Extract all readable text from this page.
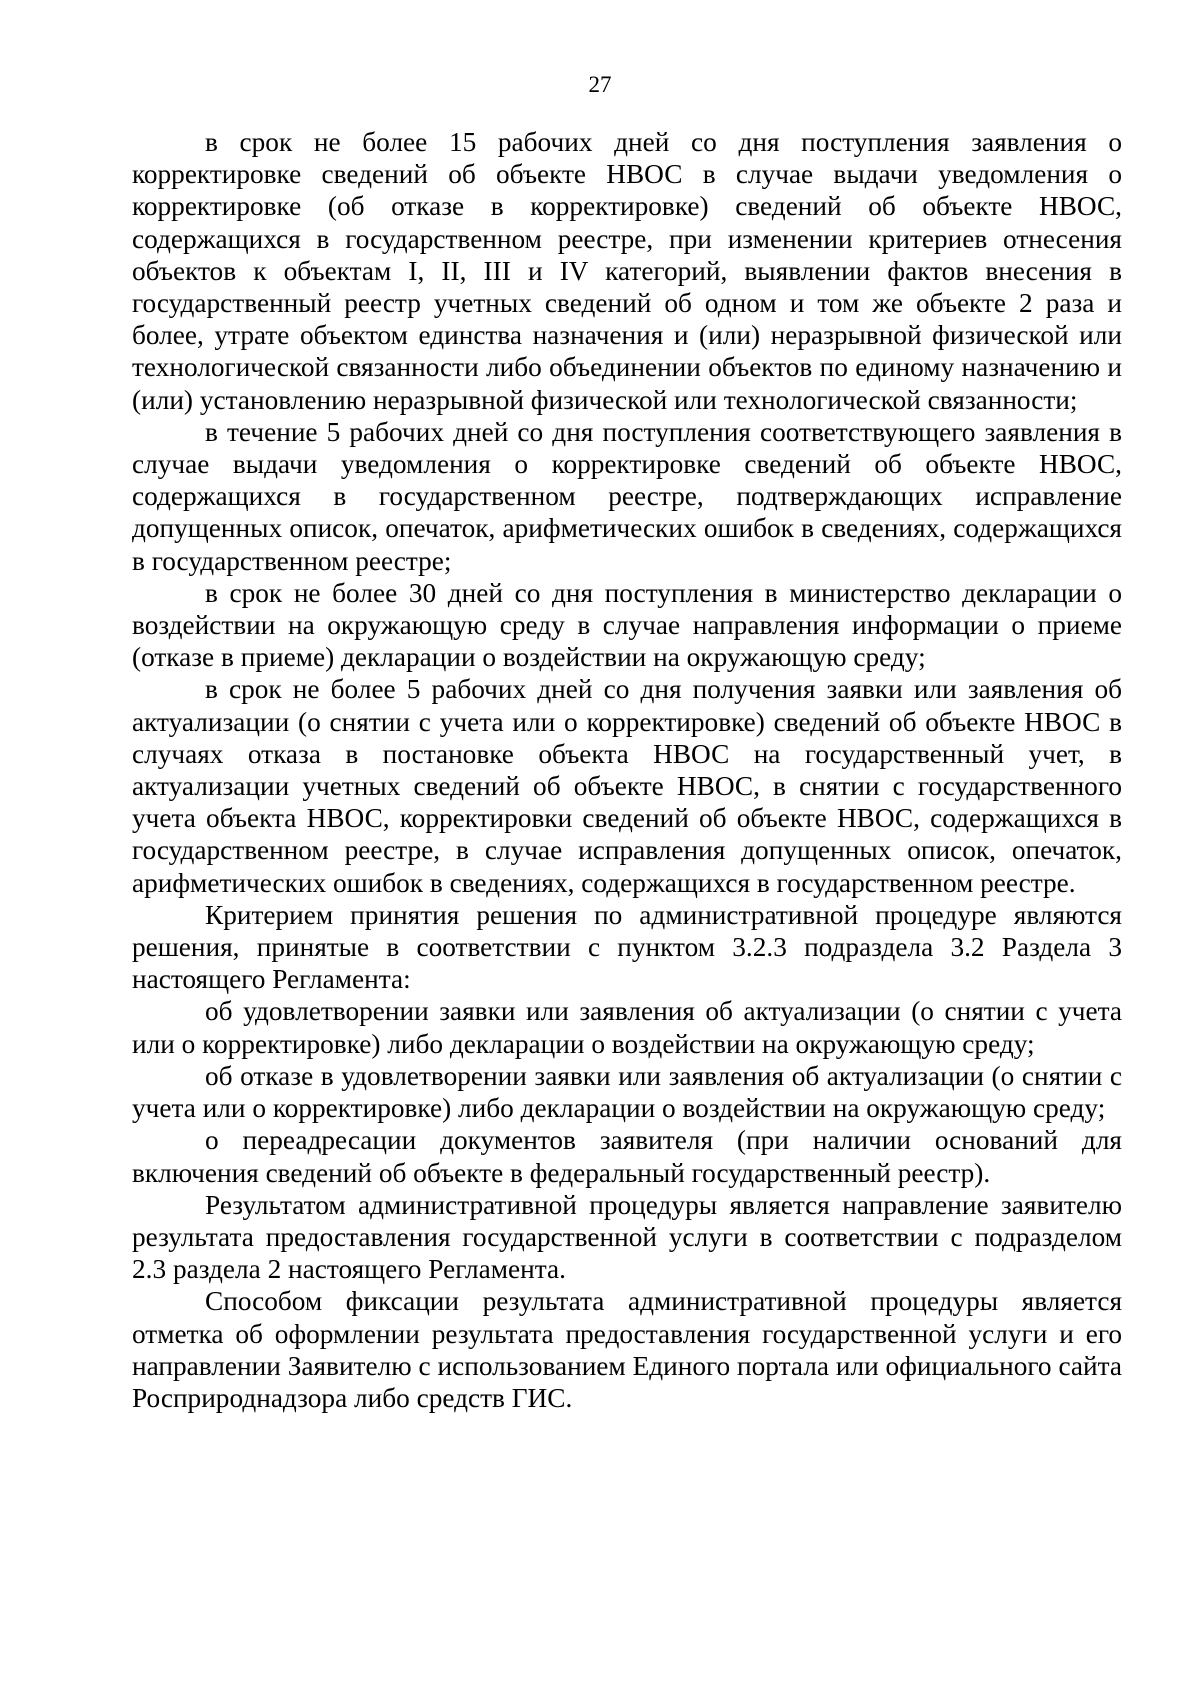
27

в срок не более 15 рабочих дней со дня поступления заявления о корректировке сведений об объекте НВОС в случае выдачи уведомления о корректировке (об отказе в корректировке) сведений об объекте НВОС, содержащихся в государственном реестре, при изменении критериев отнесения объектов к объектам I, II, III и IV категорий, выявлении фактов внесения в государственный реестр учетных сведений об одном и том же объекте 2 раза и более, утрате объектом единства назначения и (или) неразрывной физической или технологической связанности либо объединении объектов по единому назначению и (или) установлению неразрывной физической или технологической связанности;

в течение 5 рабочих дней со дня поступления соответствующего заявления в случае выдачи уведомления о корректировке сведений об объекте НВОС, содержащихся в государственном реестре, подтверждающих исправление допущенных описок, опечаток, арифметических ошибок в сведениях, содержащихся в государственном реестре;

в срок не более 30 дней со дня поступления в министерство декларации о воздействии на окружающую среду в случае направления информации о приеме (отказе в приеме) декларации о воздействии на окружающую среду;

в срок не более 5 рабочих дней со дня получения заявки или заявления об актуализации (о снятии с учета или о корректировке) сведений об объекте НВОС в случаях отказа в постановке объекта НВОС на государственный учет, в актуализации учетных сведений об объекте НВОС, в снятии с государственного учета объекта НВОС, корректировки сведений об объекте НВОС, содержащихся в государственном реестре, в случае исправления допущенных описок, опечаток, арифметических ошибок в сведениях, содержащихся в государственном реестре.

Критерием принятия решения по административной процедуре являются решения, принятые в соответствии с пунктом 3.2.3 подраздела 3.2 Раздела 3 настоящего Регламента:

об удовлетворении заявки или заявления об актуализации (о снятии с учета или о корректировке) либо декларации о воздействии на окружающую среду;

об отказе в удовлетворении заявки или заявления об актуализации (о снятии с учета или о корректировке) либо декларации о воздействии на окружающую среду;

о переадресации документов заявителя (при наличии оснований для включения сведений об объекте в федеральный государственный реестр).

Результатом административной процедуры является направление заявителю результата предоставления государственной услуги в соответствии с подразделом 2.3 раздела 2 настоящего Регламента.

Способом фиксации результата административной процедуры является отметка об оформлении результата предоставления государственной услуги и его направлении Заявителю с использованием Единого портала или официального сайта Росприроднадзора либо средств ГИС.
